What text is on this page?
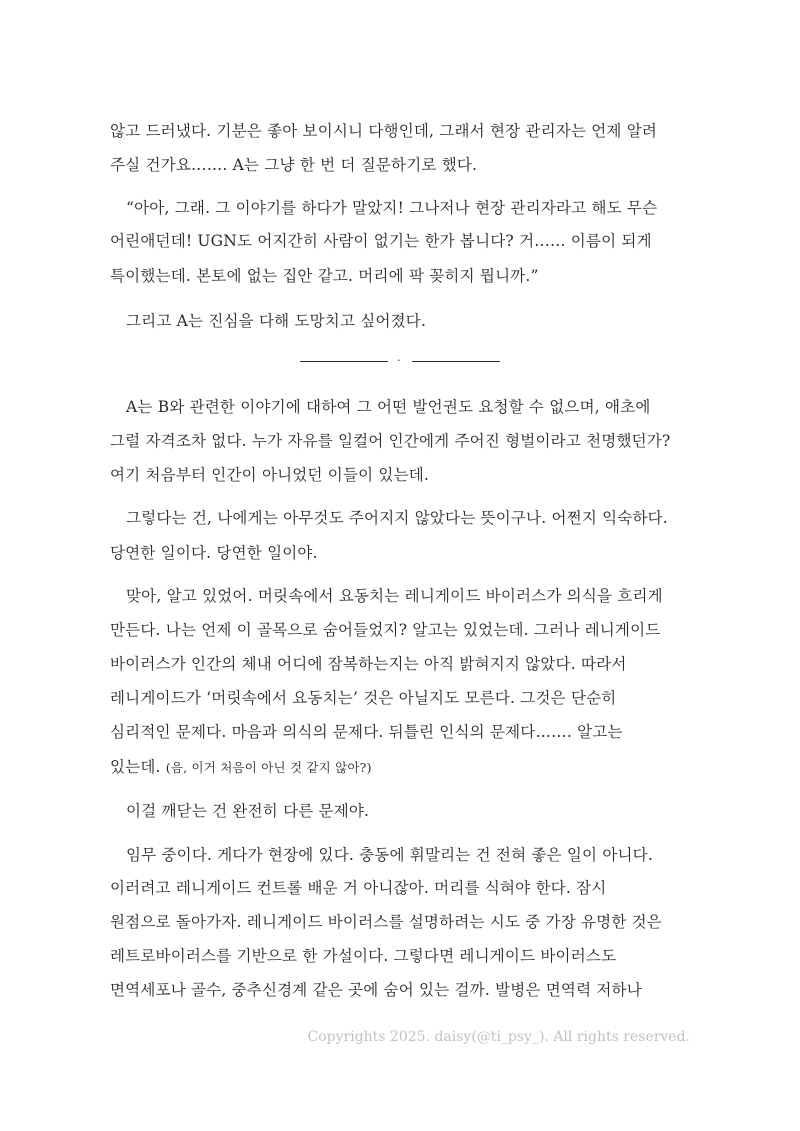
않고 드러냈다. 기분은 좋아 보이시니 다행인데, 그래서 현장 관리자는 언제 알려
주실 건가요……. A는 그냥 한 번 더 질문하기로 했다.
“아아, 그래. 그 이야기를 하다가 말았지! 그나저나 현장 관리자라고 해도 무슨
어린애던데! UGN도 어지간히 사람이 없기는 한가 봅니다? 거…… 이름이 되게
특이했는데. 본토에 없는 집안 같고. 머리에 팍 꽂히지 뭡니까.”
그리고 A는 진심을 다해 도망치고 싶어졌다.
·
A는 B와 관련한 이야기에 대하여 그 어떤 발언권도 요청할 수 없으며, 애초에
그럴 자격조차 없다. 누가 자유를 일컬어 인간에게 주어진 형벌이라고 천명했던가?
여기 처음부터 인간이 아니었던 이들이 있는데.
그렇다는 건, 나에게는 아무것도 주어지지 않았다는 뜻이구나. 어쩐지 익숙하다.
당연한 일이다. 당연한 일이야.
맞아, 알고 있었어. 머릿속에서 요동치는 레니게이드 바이러스가 의식을 흐리게
만든다. 나는 언제 이 골목으로 숨어들었지? 알고는 있었는데. 그러나 레니게이드
바이러스가 인간의 체내 어디에 잠복하는지는 아직 밝혀지지 않았다. 따라서
레니게이드가 ‘머릿속에서 요동치는’ 것은 아닐지도 모른다. 그것은 단순히
심리적인 문제다. 마음과 의식의 문제다. 뒤틀린 인식의 문제다……. 알고는
있는데. (음, 이거 처음이 아닌 것 같지 않아?)
이걸 깨닫는 건 완전히 다른 문제야.
임무 중이다. 게다가 현장에 있다. 충동에 휘말리는 건 전혀 좋은 일이 아니다.
이러려고 레니게이드 컨트롤 배운 거 아니잖아. 머리를 식혀야 한다. 잠시
원점으로 돌아가자. 레니게이드 바이러스를 설명하려는 시도 중 가장 유명한 것은
레트로바이러스를 기반으로 한 가설이다. 그렇다면 레니게이드 바이러스도
면역세포나 골수, 중추신경계 같은 곳에 숨어 있는 걸까. 발병은 면역력 저하나
Copyrights 2025. daisy(@ti_psy_). All rights reserved.
